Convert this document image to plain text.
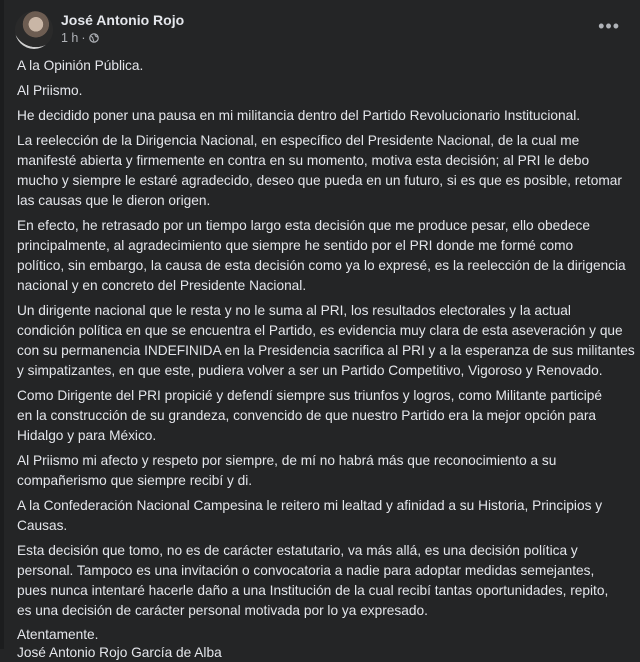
José Antonio Rojo
1 h ·
•••
A la Opinión Pública.
Al Priismo.
He decidido poner una pausa en mi militancia dentro del Partido Revolucionario Institucional.
La reelección de la Dirigencia Nacional, en específico del Presidente Nacional, de la cual me
manifesté abierta y firmemente en contra en su momento, motiva esta decisión; al PRI le debo
mucho y siempre le estaré agradecido, deseo que pueda en un futuro, si es que es posible, retomar
las causas que le dieron origen.
En efecto, he retrasado por un tiempo largo esta decisión que me produce pesar, ello obedece
principalmente, al agradecimiento que siempre he sentido por el PRI donde me formé como
político, sin embargo, la causa de esta decisión como ya lo expresé, es la reelección de la dirigencia
nacional y en concreto del Presidente Nacional.
Un dirigente nacional que le resta y no le suma al PRI, los resultados electorales y la actual
condición política en que se encuentra el Partido, es evidencia muy clara de esta aseveración y que
con su permanencia INDEFINIDA en la Presidencia sacrifica al PRI y a la esperanza de sus militantes
y simpatizantes, en que este, pudiera volver a ser un Partido Competitivo, Vigoroso y Renovado.
Como Dirigente del PRI propicié y defendí siempre sus triunfos y logros, como Militante participé
en la construcción de su grandeza, convencido de que nuestro Partido era la mejor opción para
Hidalgo y para México.
Al Priismo mi afecto y respeto por siempre, de mí no habrá más que reconocimiento a su
compañerismo que siempre recibí y di.
A la Confederación Nacional Campesina le reitero mi lealtad y afinidad a su Historia, Principios y
Causas.
Esta decisión que tomo, no es de carácter estatutario, va más allá, es una decisión política y
personal. Tampoco es una invitación o convocatoria a nadie para adoptar medidas semejantes,
pues nunca intentaré hacerle daño a una Institución de la cual recibí tantas oportunidades, repito,
es una decisión de carácter personal motivada por lo ya expresado.
Atentamente.
José Antonio Rojo García de Alba
